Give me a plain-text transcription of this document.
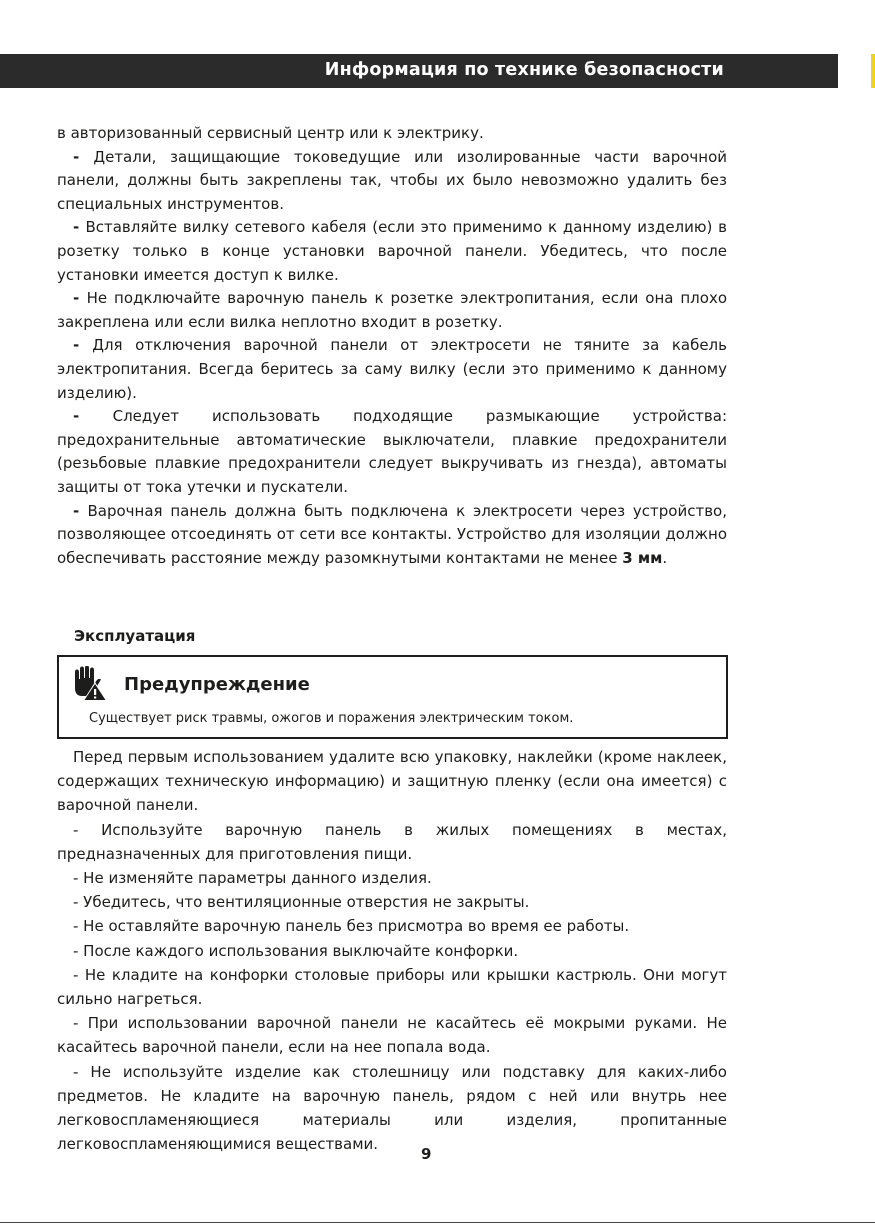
Информация по технике безопасности

в авторизованный сервисный центр или к электрику.

- Детали, защищающие токоведущие или изолированные части варочной панели, должны быть закреплены так, чтобы их было невозможно удалить без специальных инструментов.

- Вставляйте вилку сетевого кабеля (если это применимо к данному изделию) в розетку только в конце установки варочной панели. Убедитесь, что после установки имеется доступ к вилке.

- Не подключайте варочную панель к розетке электропитания, если она плохо закреплена или если вилка неплотно входит в розетку.

- Для отключения варочной панели от электросети не тяните за кабель электропитания. Всегда беритесь за саму вилку (если это применимо к данному изделию).

- Следует использовать подходящие размыкающие устройства: предохранительные автоматические выключатели, плавкие предохранители (резьбовые плавкие предохранители следует выкручивать из гнезда), автоматы защиты от тока утечки и пускатели.

- Варочная панель должна быть подключена к электросети через устройство, позволяющее отсоединять от сети все контакты. Устройство для изоляции должно обеспечивать расстояние между разомкнутыми контактами не менее 3 мм.

Эксплуатация
Предупреждение
Существует риск травмы, ожогов и поражения электрическим током.

Перед первым использованием удалите всю упаковку, наклейки (кроме наклеек, содержащих техническую информацию) и защитную пленку (если она имеется) с варочной панели.

- Используйте варочную панель в жилых помещениях в местах, предназначенных для приготовления пищи.

- Не изменяйте параметры данного изделия.

- Убедитесь, что вентиляционные отверстия не закрыты.

- Не оставляйте варочную панель без присмотра во время ее работы.

- После каждого использования выключайте конфорки.

- Не кладите на конфорки столовые приборы или крышки кастрюль. Они могут сильно нагреться.

- При использовании варочной панели не касайтесь её мокрыми руками. Не касайтесь варочной панели, если на нее попала вода.

- Не используйте изделие как столешницу или подставку для каких-либо предметов. Не кладите на варочную панель, рядом с ней или внутрь нее легковоспламеняющиеся материалы или изделия, пропитанные легковоспламеняющимися веществами.

9
